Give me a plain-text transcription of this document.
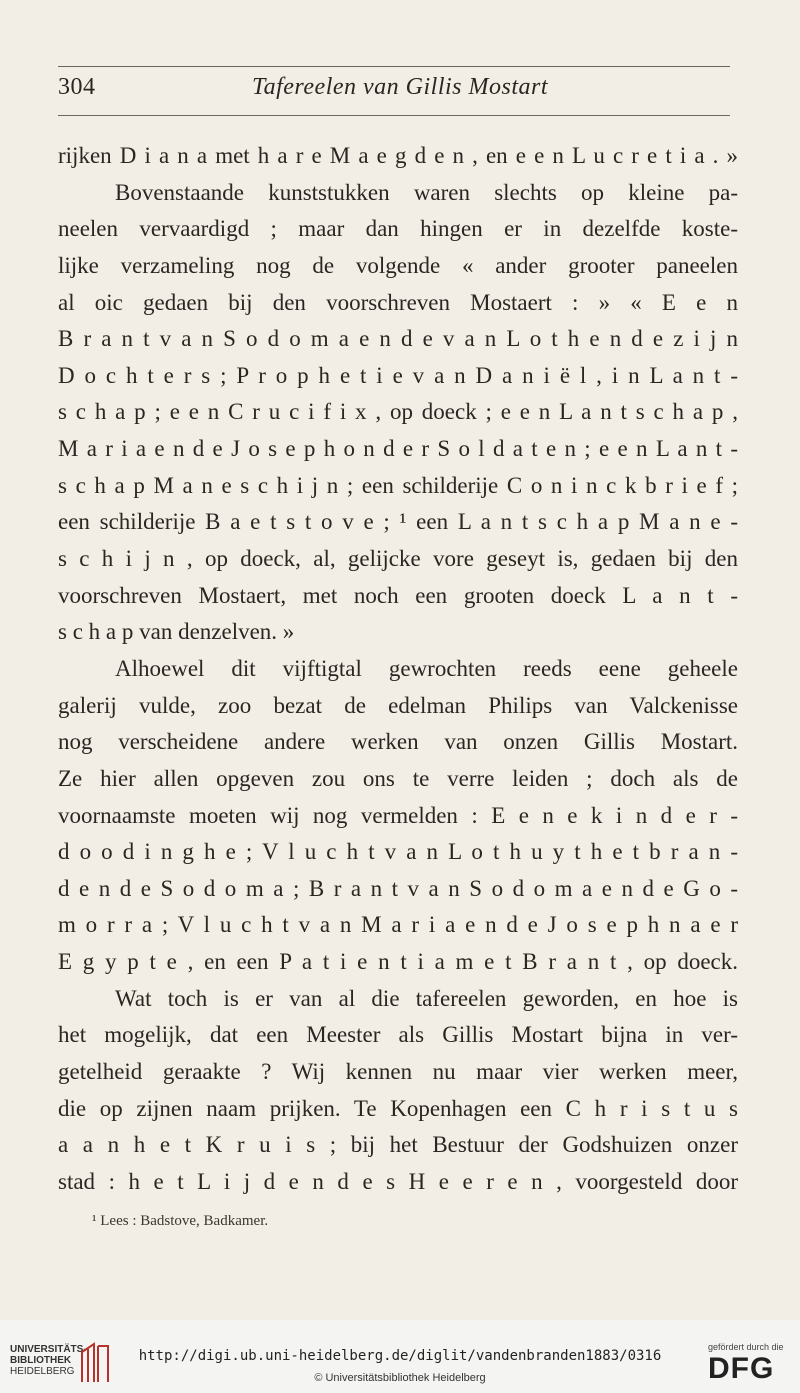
304	Tafereelen van Gillis Mostart
rijken D i a n a met h a r e M a e g d e n , en e e n L u c r e t i a . »
Bovenstaande kunststukken waren slechts op kleine pa-
neelen vervaardigd ; maar dan hingen er in dezelfde koste-
lijke verzameling nog de volgende « ander grooter paneelen
al oic gedaen bij den voorschreven Mostaert : » « E e n
B r a n t v a n S o d o m a e n d e v a n L o t h e n d e z i j n
D o c h t e r s ; P r o p h e t i e v a n D a n i ë l , i n L a n t -
s c h a p ; e e n C r u c i f i x , op doeck ; e e n L a n t s c h a p ,
M a r i a e n d e J o s e p h o n d e r S o l d a t e n ; e e n L a n t -
s c h a p M a n e s c h i j n ; een schilderije C o n i n c k b r i e f ;
een schilderije B a e t s t o v e ; ¹ een L a n t s c h a p M a n e -
s c h i j n , op doeck, al, gelijcke vore geseyt is, gedaen bij den
voorschreven Mostaert, met noch een grooten doeck L a n t -
s c h a p van denzelven. »
Alhoewel dit vijftigtal gewrochten reeds eene geheele
galerij vulde, zoo bezat de edelman Philips van Valckenisse
nog verscheidene andere werken van onzen Gillis Mostart.
Ze hier allen opgeven zou ons te verre leiden ; doch als de
voornaamste moeten wij nog vermelden : E e n e k i n d e r -
d o o d i n g h e ; V l u c h t v a n L o t h u y t h e t b r a n -
d e n d e S o d o m a ; B r a n t v a n S o d o m a e n d e G o -
m o r r a ; V l u c h t v a n M a r i a e n d e J o s e p h n a e r
E g y p t e , en een P a t i e n t i a m e t B r a n t , op doeck.
Wat toch is er van al die tafereelen geworden, en hoe is
het mogelijk, dat een Meester als Gillis Mostart bijna in ver-
getelheid geraakte ? Wij kennen nu maar vier werken meer,
die op zijnen naam prijken. Te Kopenhagen een C h r i s t u s
a a n h e t K r u i s ; bij het Bestuur der Godshuizen onzer
stad : h e t L i j d e n d e s H e e r e n , voorgesteld door
¹ Lees : Badstove, Badkamer.
UNIVERSITÄTS-
BIBLIOTHEK
HEIDELBERG
http://digi.ub.uni-heidelberg.de/diglit/vandenbranden1883/0316
© Universitätsbibliothek Heidelberg
gefördert durch die
DFG
